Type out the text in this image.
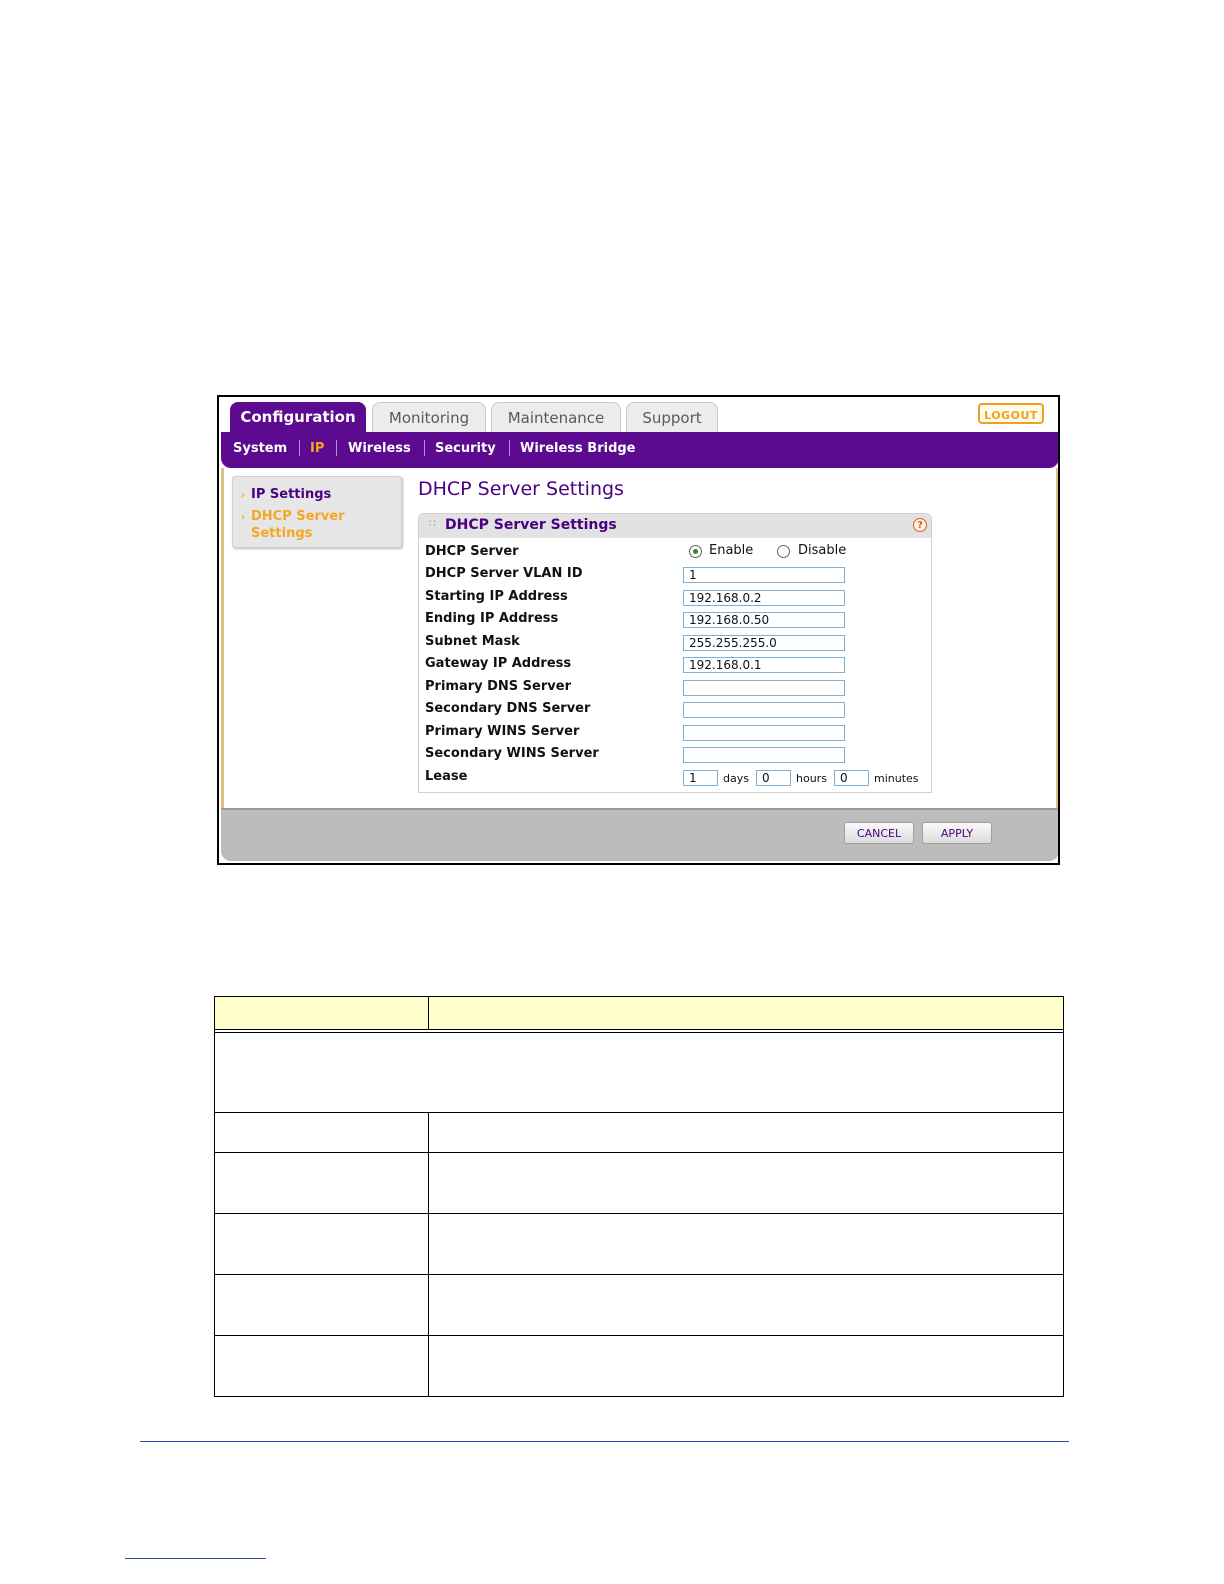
Configuration	Monitoring	Maintenance	Support	LOGOUT
System IP Wireless Security Wireless Bridge
› IP Settings
› DHCP Server
Settings
DHCP Server Settings
∷ DHCP Server Settings	?
DHCP Server	Enable	Disable
DHCP Server VLAN ID	1
Starting IP Address	192.168.0.2
Ending IP Address	192.168.0.50
Subnet Mask	255.255.255.0
Gateway IP Address	192.168.0.1
Primary DNS Server
Secondary DNS Server
Primary WINS Server
Secondary WINS Server
Lease	1	days	0	hours	0	minutes
CANCEL	APPLY
